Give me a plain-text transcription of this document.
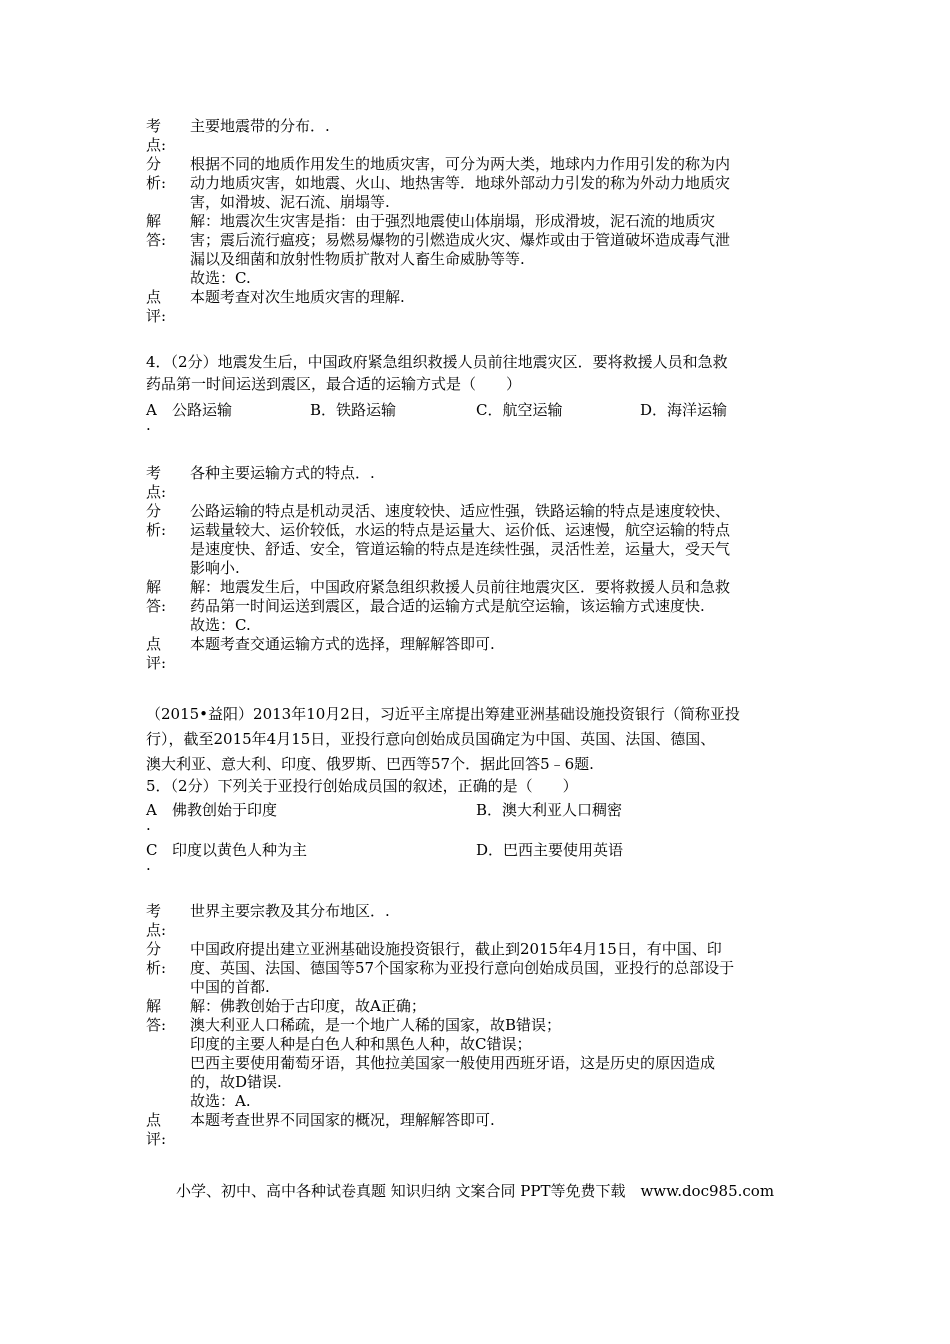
考
点:
主要地震带的分布．.
分
析:
根据不同的地质作用发生的地质灾害，可分为两大类，地球内力作用引发的称为内
动力地质灾害，如地震、火山、地热害等．地球外部动力引发的称为外动力地质灾
害，如滑坡、泥石流、崩塌等.
解
答:
解：地震次生灾害是指：由于强烈地震使山体崩塌，形成滑坡，泥石流的地质灾
害；震后流行瘟疫；易燃易爆物的引燃造成火灾、爆炸或由于管道破坏造成毒气泄
漏以及细菌和放射性物质扩散对人畜生命威胁等等.
故选：C.
点
评:
本题考查对次生地质灾害的理解.
4．（2分）地震发生后，中国政府紧急组织救援人员前往地震灾区．要将救援人员和急救
药品第一时间运送到震区，最合适的运输方式是（　　）
A
.
公路运输	B．铁路运输	C．航空运输	D．海洋运输
考
点:
各种主要运输方式的特点．.
分
析:
公路运输的特点是机动灵活、速度较快、适应性强，铁路运输的特点是速度较快、
运载量较大、运价较低，水运的特点是运量大、运价低、运速慢，航空运输的特点
是速度快、舒适、安全，管道运输的特点是连续性强，灵活性差，运量大，受天气
影响小.
解
答:
解：地震发生后，中国政府紧急组织救援人员前往地震灾区．要将救援人员和急救
药品第一时间运送到震区，最合适的运输方式是航空运输，该运输方式速度快.
故选：C.
点
评:
本题考查交通运输方式的选择，理解解答即可.
（2015•益阳）2013年10月2日，习近平主席提出筹建亚洲基础设施投资银行（简称亚投
行），截至2015年4月15日，亚投行意向创始成员国确定为中国、英国、法国、德国、
澳大利亚、意大利、印度、俄罗斯、巴西等57个．据此回答5﹣6题.
5．（2分）下列关于亚投行创始成员国的叙述，正确的是（　　）
A
.
佛教创始于印度	B．澳大利亚人口稠密
C
.
印度以黄色人种为主	D．巴西主要使用英语
考
点:
世界主要宗教及其分布地区．.
分
析:
中国政府提出建立亚洲基础设施投资银行，截止到2015年4月15日，有中国、印
度、英国、法国、德国等57个国家称为亚投行意向创始成员国，亚投行的总部设于
中国的首都.
解
答:
解：佛教创始于古印度，故A正确；
澳大利亚人口稀疏，是一个地广人稀的国家，故B错误；
印度的主要人种是白色人种和黑色人种，故C错误；
巴西主要使用葡萄牙语，其他拉美国家一般使用西班牙语，这是历史的原因造成
的，故D错误.
故选：A.
点
评:
本题考查世界不同国家的概况，理解解答即可.
小学、初中、高中各种试卷真题 知识归纳 文案合同 PPT等免费下载　www.doc985.com
